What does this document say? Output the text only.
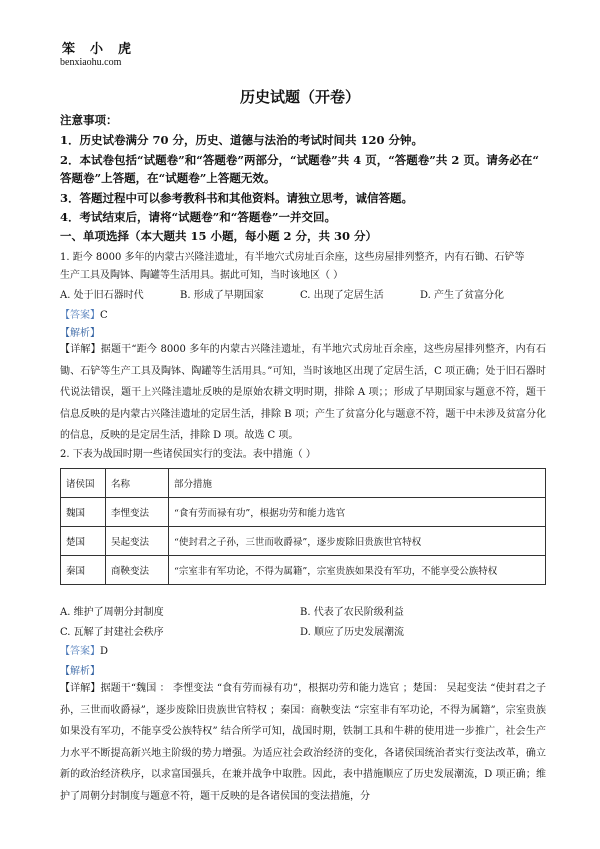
笨小虎
benxiaohu.com
历史试题（开卷）
注意事项：
1．历史试卷满分 70 分，历史、道德与法治的考试时间共 120 分钟。
2．本试卷包括“试题卷”和“答题卷”两部分，“试题卷”共 4 页，“答题卷”共 2 页。请务必在“
答题卷”上答题，在“试题卷”上答题无效。
3．答题过程中可以参考教科书和其他资料。请独立思考，诚信答题。
4．考试结束后，请将“试题卷”和“答题卷”一并交回。
一、单项选择（本大题共 15 小题，每小题 2 分，共 30 分）
1. 距今 8000 多年的内蒙古兴隆洼遗址，有半地穴式房址百余座，这些房屋排列整齐，内有石锄、石铲等
生产工具及陶钵、陶罐等生活用具。据此可知，当时该地区（ ）
A. 处于旧石器时代	B. 形成了早期国家	C. 出现了定居生活	D. 产生了贫富分化
【答案】C
【解析】
【详解】据题干“距今 8000 多年的内蒙古兴隆洼遗址，有半地穴式房址百余座，这些房屋排列整齐，内有石锄、石铲等生产工具及陶钵、陶罐等生活用具。”可知，当时该地区出现了定居生活，C 项正确；处于旧石器时代说法错误，题干上兴隆洼遗址反映的是原始农耕文明时期，排除 A 项；；形成了早期国家与题意不符，题干信息反映的是内蒙古兴隆洼遗址的定居生活，排除 B 项；产生了贫富分化与题意不符，题干中未涉及贫富分化的信息，反映的是定居生活，排除 D 项。故选 C 项。
2. 下表为战国时期一些诸侯国实行的变法。表中措施（ ）
诸侯国	名称	部分措施
魏国	李悝变法	“食有劳而禄有功”，根据功劳和能力选官
楚国	吴起变法	“使封君之子孙，三世而收爵禄”，逐步废除旧贵族世官特权
秦国	商鞅变法	“宗室非有军功论，不得为属籍”，宗室贵族如果没有军功，不能享受公族特权
A. 维护了周朝分封制度	B. 代表了农民阶级利益
C. 瓦解了封建社会秩序	D. 顺应了历史发展潮流
【答案】D
【解析】
【详解】据题干“魏国 ： 李悝变法 “食有劳而禄有功”，根据功劳和能力选官 ；楚国： 吴起变法 “使封君之子孙，三世而收爵禄”，逐步废除旧贵族世官特权 ；秦国：商鞅变法 “宗室非有军功论，不得为属籍”，宗室贵族如果没有军功，不能享受公族特权” 结合所学可知，战国时期，铁制工具和牛耕的使用进一步推广，社会生产力水平不断提高新兴地主阶级的势力增强。为适应社会政治经济的变化，各诸侯国统治者实行变法改革，确立新的政治经济秩序，以求富国强兵，在兼并战争中取胜。因此，表中措施顺应了历史发展潮流，D 项正确；维护了周朝分封制度与题意不符，题干反映的是各诸侯国的变法措施，分
